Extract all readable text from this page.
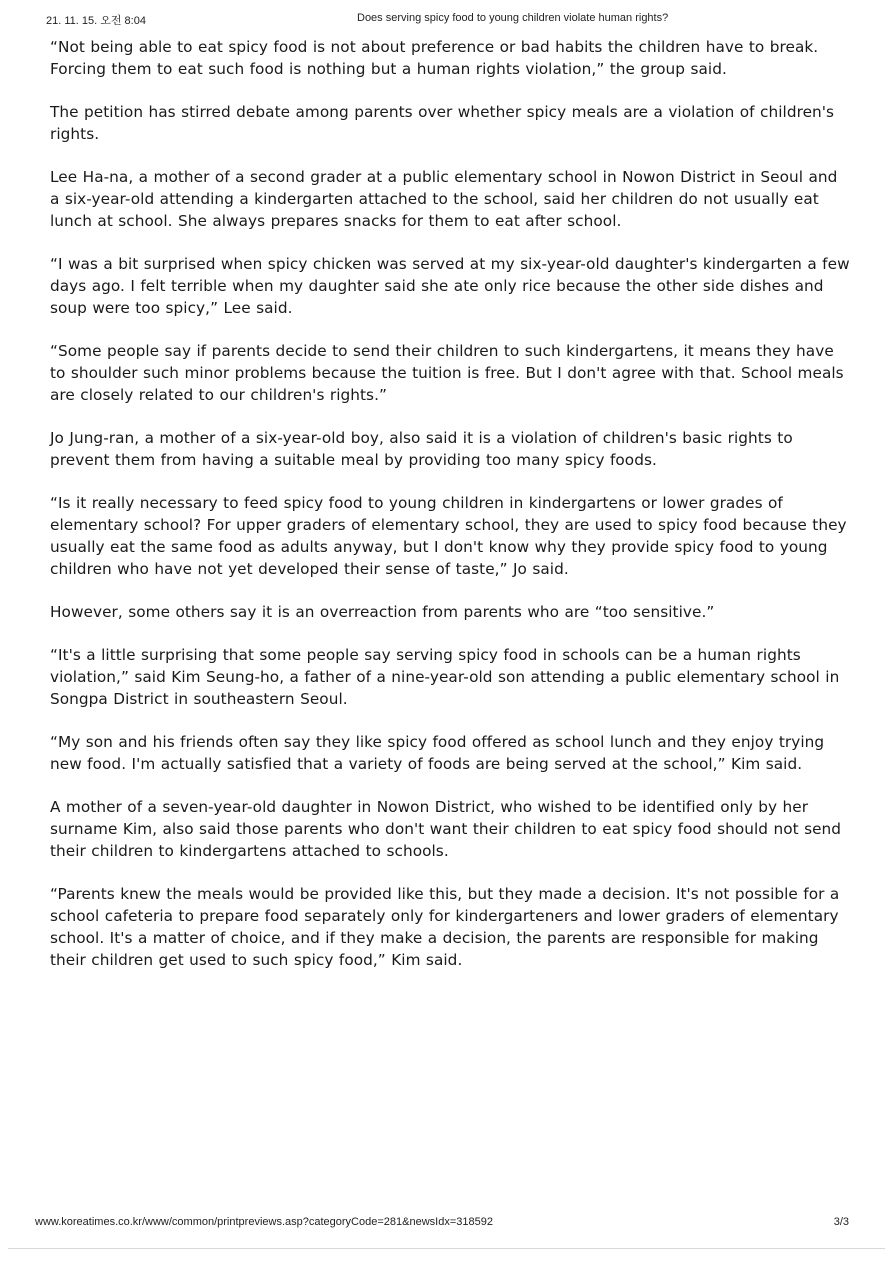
21. 11. 15. 오전 8:04	Does serving spicy food to young children violate human rights?

“Not being able to eat spicy food is not about preference or bad habits the children have to break. Forcing them to eat such food is nothing but a human rights violation,” the group said.

The petition has stirred debate among parents over whether spicy meals are a violation of children's rights.

Lee Ha-na, a mother of a second grader at a public elementary school in Nowon District in Seoul and a six-year-old attending a kindergarten attached to the school, said her children do not usually eat lunch at school. She always prepares snacks for them to eat after school.

“I was a bit surprised when spicy chicken was served at my six-year-old daughter's kindergarten a few days ago. I felt terrible when my daughter said she ate only rice because the other side dishes and soup were too spicy,” Lee said.

“Some people say if parents decide to send their children to such kindergartens, it means they have to shoulder such minor problems because the tuition is free. But I don't agree with that. School meals are closely related to our children's rights.”

Jo Jung-ran, a mother of a six-year-old boy, also said it is a violation of children's basic rights to prevent them from having a suitable meal by providing too many spicy foods.

“Is it really necessary to feed spicy food to young children in kindergartens or lower grades of elementary school? For upper graders of elementary school, they are used to spicy food because they usually eat the same food as adults anyway, but I don't know why they provide spicy food to young children who have not yet developed their sense of taste,” Jo said.

However, some others say it is an overreaction from parents who are “too sensitive.”

“It's a little surprising that some people say serving spicy food in schools can be a human rights violation,” said Kim Seung-ho, a father of a nine-year-old son attending a public elementary school in Songpa District in southeastern Seoul.

“My son and his friends often say they like spicy food offered as school lunch and they enjoy trying new food. I'm actually satisfied that a variety of foods are being served at the school,” Kim said.

A mother of a seven-year-old daughter in Nowon District, who wished to be identified only by her surname Kim, also said those parents who don't want their children to eat spicy food should not send their children to kindergartens attached to schools.

“Parents knew the meals would be provided like this, but they made a decision. It's not possible for a school cafeteria to prepare food separately only for kindergarteners and lower graders of elementary school. It's a matter of choice, and if they make a decision, the parents are responsible for making their children get used to such spicy food,” Kim said.

www.koreatimes.co.kr/www/common/printpreviews.asp?categoryCode=281&newsIdx=318592	3/3
